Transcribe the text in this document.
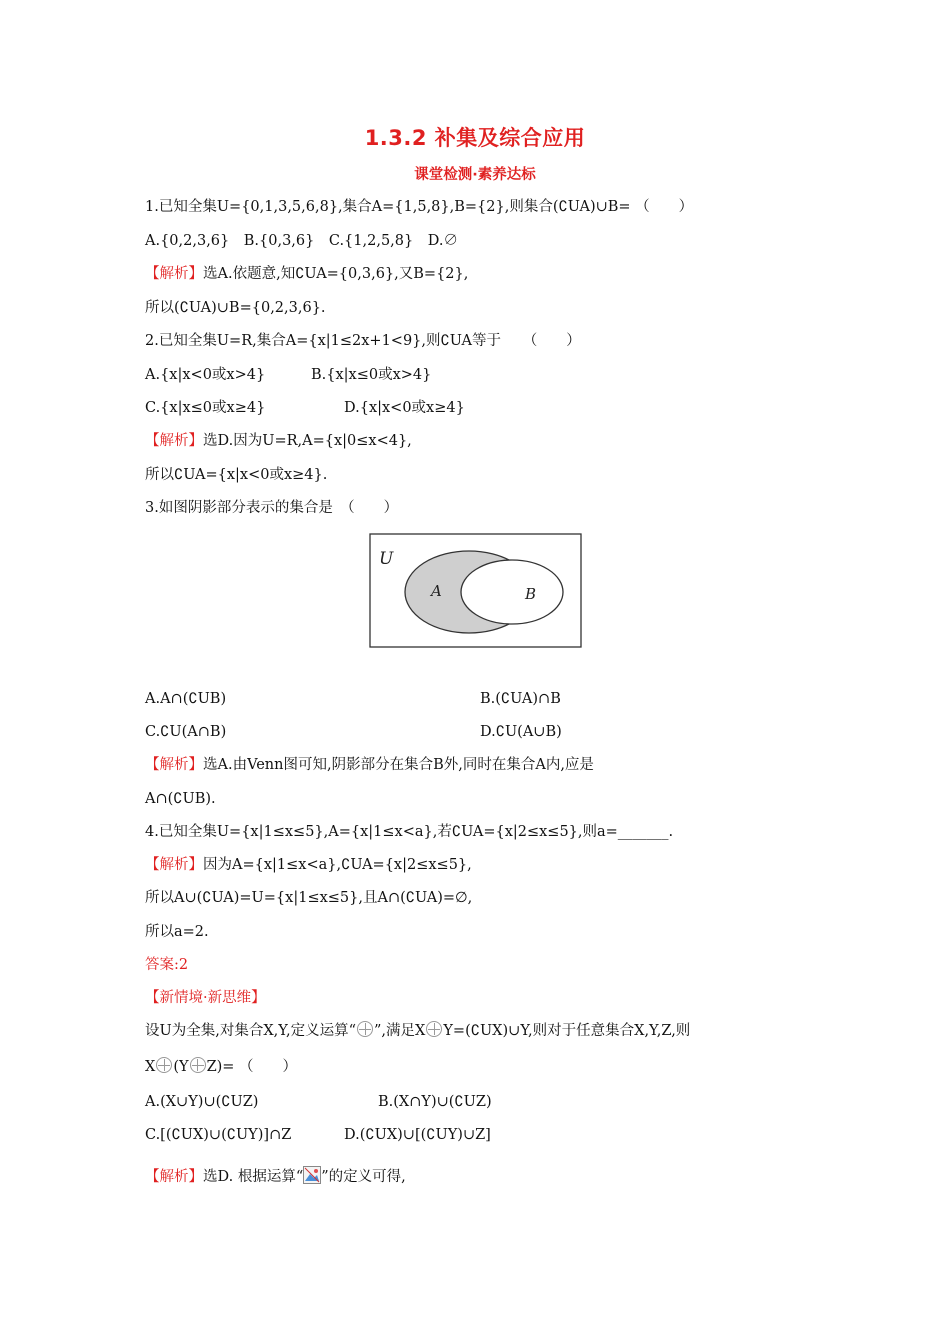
1.3.2 补集及综合应用
课堂检测·素养达标
1.已知全集U={0,1,3,5,6,8},集合A={1,5,8},B={2},则集合(∁UA)∪B= （　　）
A.{0,2,3,6}　B.{0,3,6}　C.{1,2,5,8}　D.∅
【解析】选A.依题意,知∁UA={0,3,6},又B={2},
所以(∁UA)∪B={0,2,3,6}.
2.已知全集U=R,集合A={x|1≤2x+1<9},则∁UA等于　　（　　）
A.{x|x<0或x>4}	B.{x|x≤0或x>4}
C.{x|x≤0或x≥4}	D.{x|x<0或x≥4}
【解析】选D.因为U=R,A={x|0≤x<4},
所以∁UA={x|x<0或x≥4}.
3.如图阴影部分表示的集合是　（　　）
U
A	B
A.A∩(∁UB)	B.(∁UA)∩B
C.∁U(A∩B)	D.∁U(A∪B)
【解析】选A.由Venn图可知,阴影部分在集合B外,同时在集合A内,应是
A∩(∁UB).
4.已知全集U={x|1≤x≤5},A={x|1≤x<a},若∁UA={x|2≤x≤5},则a=_______.
【解析】因为A={x|1≤x<a},∁UA={x|2≤x≤5},
所以A∪(∁UA)=U={x|1≤x≤5},且A∩(∁UA)=∅,
所以a=2.
答案:2
【新情境·新思维】
设U为全集,对集合X,Y,定义运算“ ”,满足X Y=(∁UX)∪Y,则对于任意集合X,Y,Z,则
X (Y Z)= （　　）
A.(X∪Y)∪(∁UZ)	B.(X∩Y)∪(∁UZ)
C.[(∁UX)∪(∁UY)]∩Z	D.(∁UX)∪[(∁UY)∪Z]
【解析】选D. 根据运算“ ”的定义可得,
